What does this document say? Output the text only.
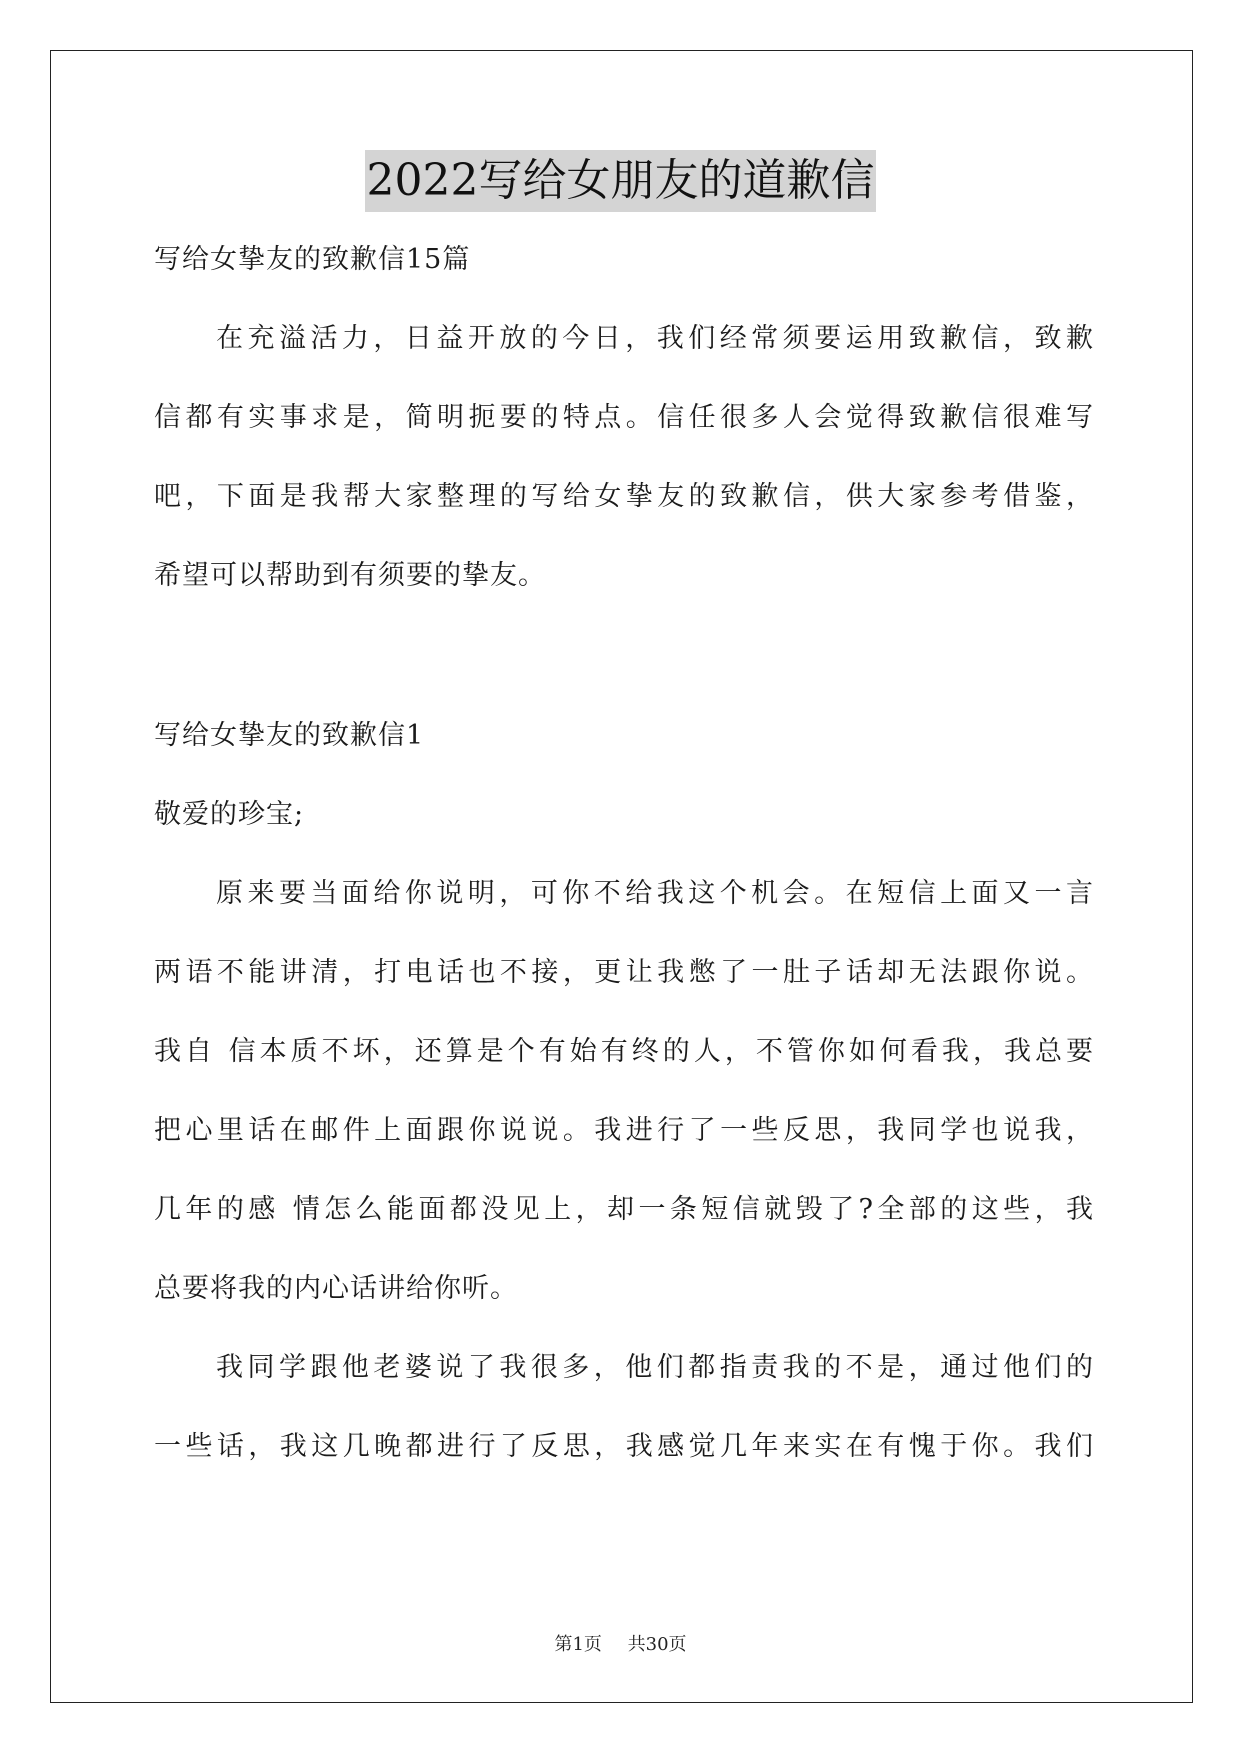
2022写给女朋友的道歉信
写给女挚友的致歉信15篇
在充溢活力，日益开放的今日，我们经常须要运用致歉信，致歉
信都有实事求是，简明扼要的特点。信任很多人会觉得致歉信很难写
吧，下面是我帮大家整理的写给女挚友的致歉信，供大家参考借鉴，
希望可以帮助到有须要的挚友。
写给女挚友的致歉信1
敬爱的珍宝;
原来要当面给你说明，可你不给我这个机会。在短信上面又一言
两语不能讲清，打电话也不接，更让我憋了一肚子话却无法跟你说。
我自 信本质不坏，还算是个有始有终的人，不管你如何看我，我总要
把心里话在邮件上面跟你说说。我进行了一些反思，我同学也说我，
几年的感 情怎么能面都没见上，却一条短信就毁了?全部的这些，我
总要将我的内心话讲给你听。
我同学跟他老婆说了我很多，他们都指责我的不是，通过他们的
一些话，我这几晚都进行了反思，我感觉几年来实在有愧于你。我们
第1页 共30页
